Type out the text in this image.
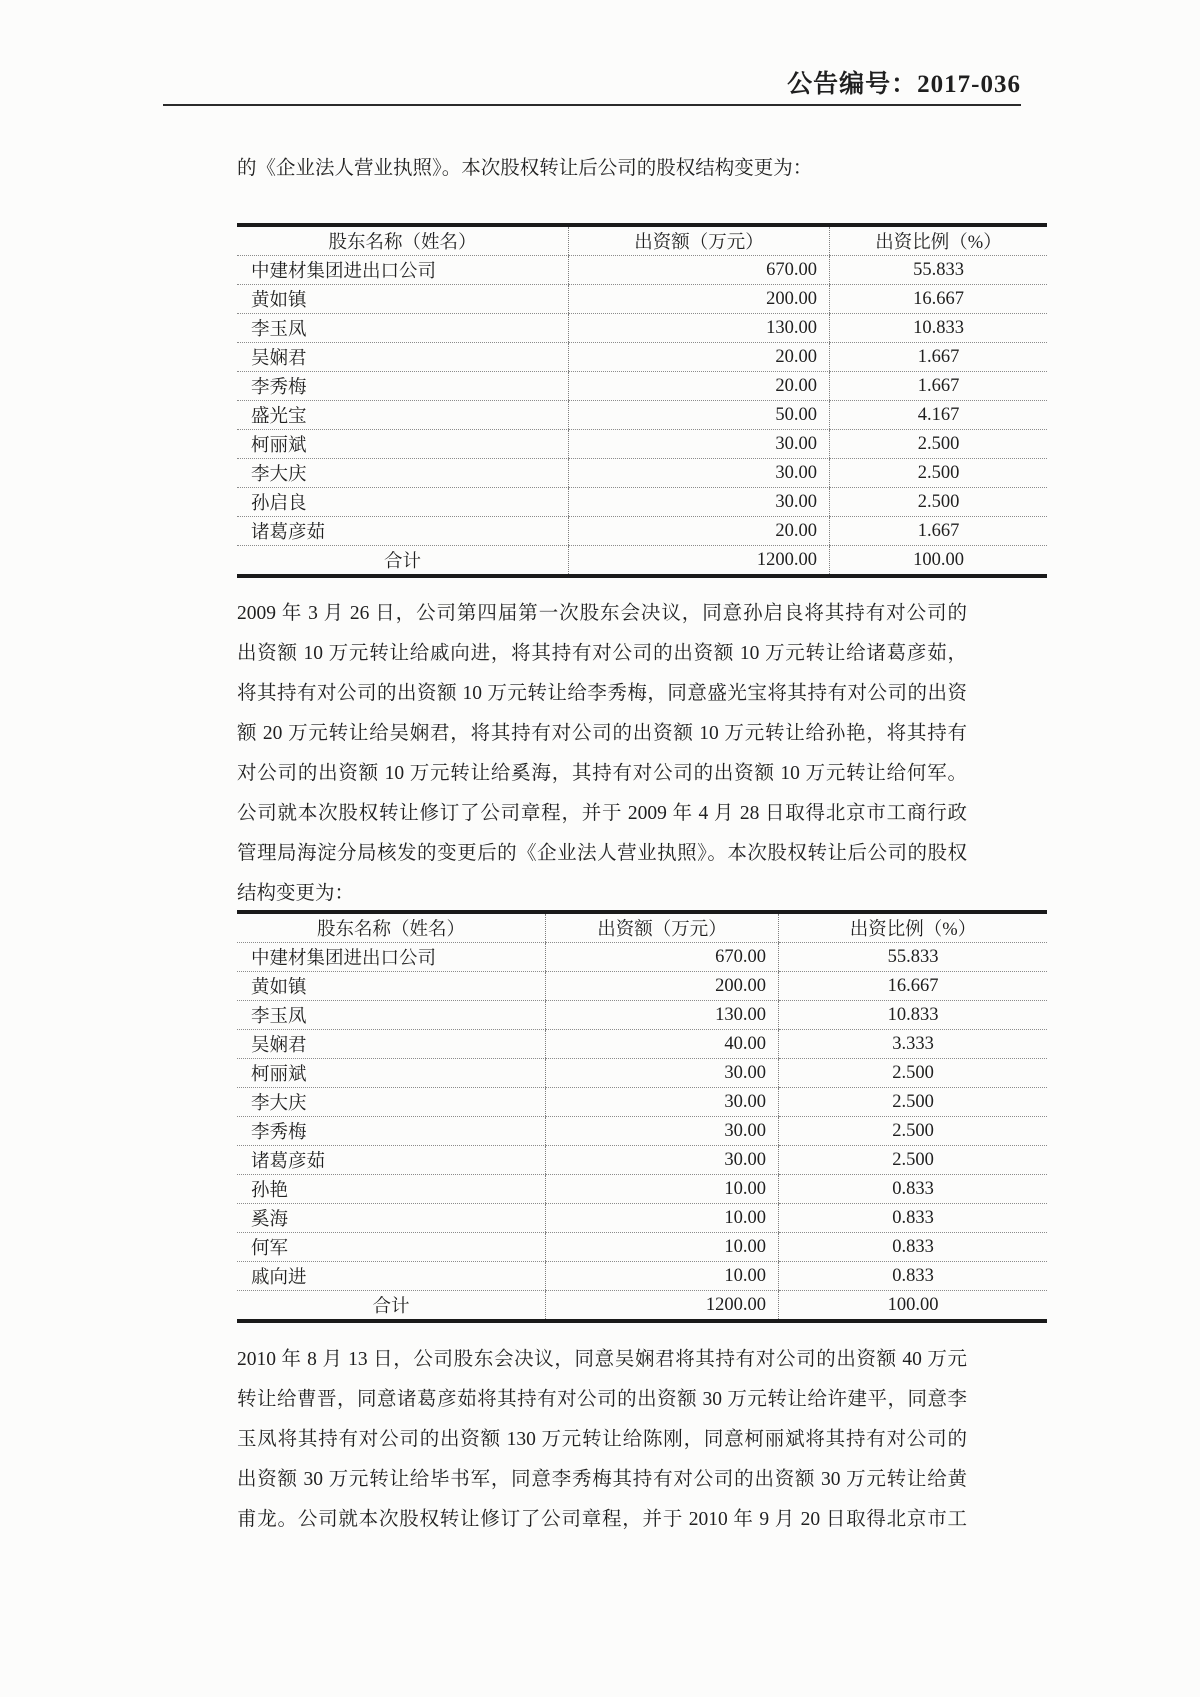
公告编号：2017-036
的《企业法人营业执照》。本次股权转让后公司的股权结构变更为：
股东名称（姓名）	出资额（万元）	出资比例（%）
中建材集团进出口公司	670.00	55.833
黄如镇	200.00	16.667
李玉凤	130.00	10.833
吴娴君	20.00	1.667
李秀梅	20.00	1.667
盛光宝	50.00	4.167
柯丽斌	30.00	2.500
李大庆	30.00	2.500
孙启良	30.00	2.500
诸葛彦茹	20.00	1.667
合计	1200.00	100.00
2009 年 3 月 26 日，公司第四届第一次股东会决议，同意孙启良将其持有对公司的
出资额 10 万元转让给戚向进，将其持有对公司的出资额 10 万元转让给诸葛彦茹，
将其持有对公司的出资额 10 万元转让给李秀梅，同意盛光宝将其持有对公司的出资
额 20 万元转让给吴娴君，将其持有对公司的出资额 10 万元转让给孙艳，将其持有
对公司的出资额 10 万元转让给奚海，其持有对公司的出资额 10 万元转让给何军。
公司就本次股权转让修订了公司章程，并于 2009 年 4 月 28 日取得北京市工商行政
管理局海淀分局核发的变更后的《企业法人营业执照》。本次股权转让后公司的股权
结构变更为：
股东名称（姓名）	出资额（万元）	出资比例（%）
中建材集团进出口公司	670.00	55.833
黄如镇	200.00	16.667
李玉凤	130.00	10.833
吴娴君	40.00	3.333
柯丽斌	30.00	2.500
李大庆	30.00	2.500
李秀梅	30.00	2.500
诸葛彦茹	30.00	2.500
孙艳	10.00	0.833
奚海	10.00	0.833
何军	10.00	0.833
戚向进	10.00	0.833
合计	1200.00	100.00
2010 年 8 月 13 日，公司股东会决议，同意吴娴君将其持有对公司的出资额 40 万元
转让给曹晋，同意诸葛彦茹将其持有对公司的出资额 30 万元转让给许建平，同意李
玉凤将其持有对公司的出资额 130 万元转让给陈刚，同意柯丽斌将其持有对公司的
出资额 30 万元转让给毕书军，同意李秀梅其持有对公司的出资额 30 万元转让给黄
甫龙。公司就本次股权转让修订了公司章程，并于 2010 年 9 月 20 日取得北京市工
